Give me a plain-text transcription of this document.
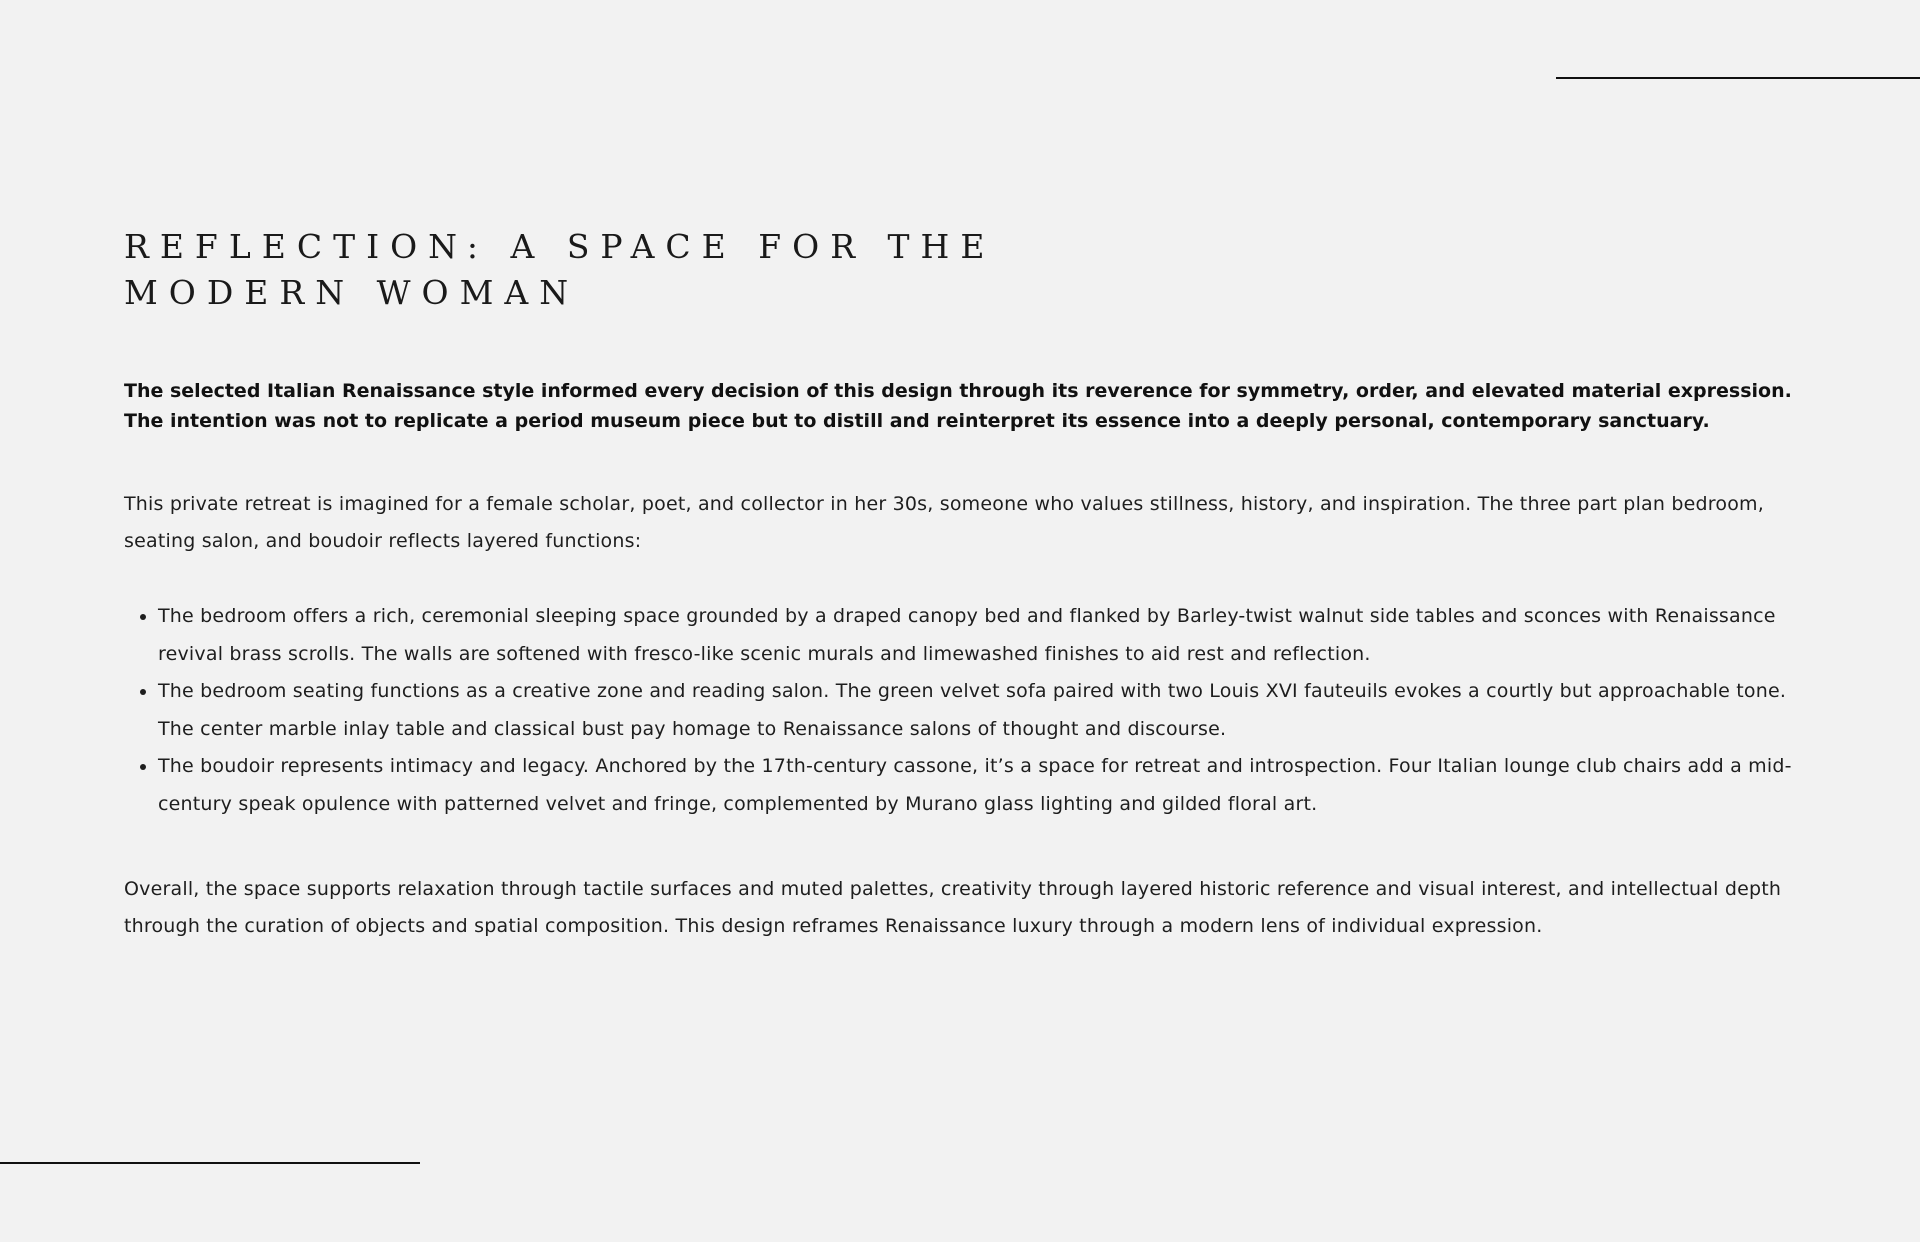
REFLECTION: A SPACE FOR THE MODERN WOMAN

The selected Italian Renaissance style informed every decision of this design through its reverence for symmetry, order, and elevated material expression. The intention was not to replicate a period museum piece but to distill and reinterpret its essence into a deeply personal, contemporary sanctuary.

This private retreat is imagined for a female scholar, poet, and collector in her 30s, someone who values stillness, history, and inspiration. The three part plan bedroom, seating salon, and boudoir reflects layered functions:

• The bedroom offers a rich, ceremonial sleeping space grounded by a draped canopy bed and flanked by Barley-twist walnut side tables and sconces with Renaissance revival brass scrolls. The walls are softened with fresco-like scenic murals and limewashed finishes to aid rest and reflection.
• The bedroom seating functions as a creative zone and reading salon. The green velvet sofa paired with two Louis XVI fauteuils evokes a courtly but approachable tone. The center marble inlay table and classical bust pay homage to Renaissance salons of thought and discourse.
• The boudoir represents intimacy and legacy. Anchored by the 17th-century cassone, it’s a space for retreat and introspection. Four Italian lounge club chairs add a mid-century speak opulence with patterned velvet and fringe, complemented by Murano glass lighting and gilded floral art.

Overall, the space supports relaxation through tactile surfaces and muted palettes, creativity through layered historic reference and visual interest, and intellectual depth through the curation of objects and spatial composition. This design reframes Renaissance luxury through a modern lens of individual expression.
